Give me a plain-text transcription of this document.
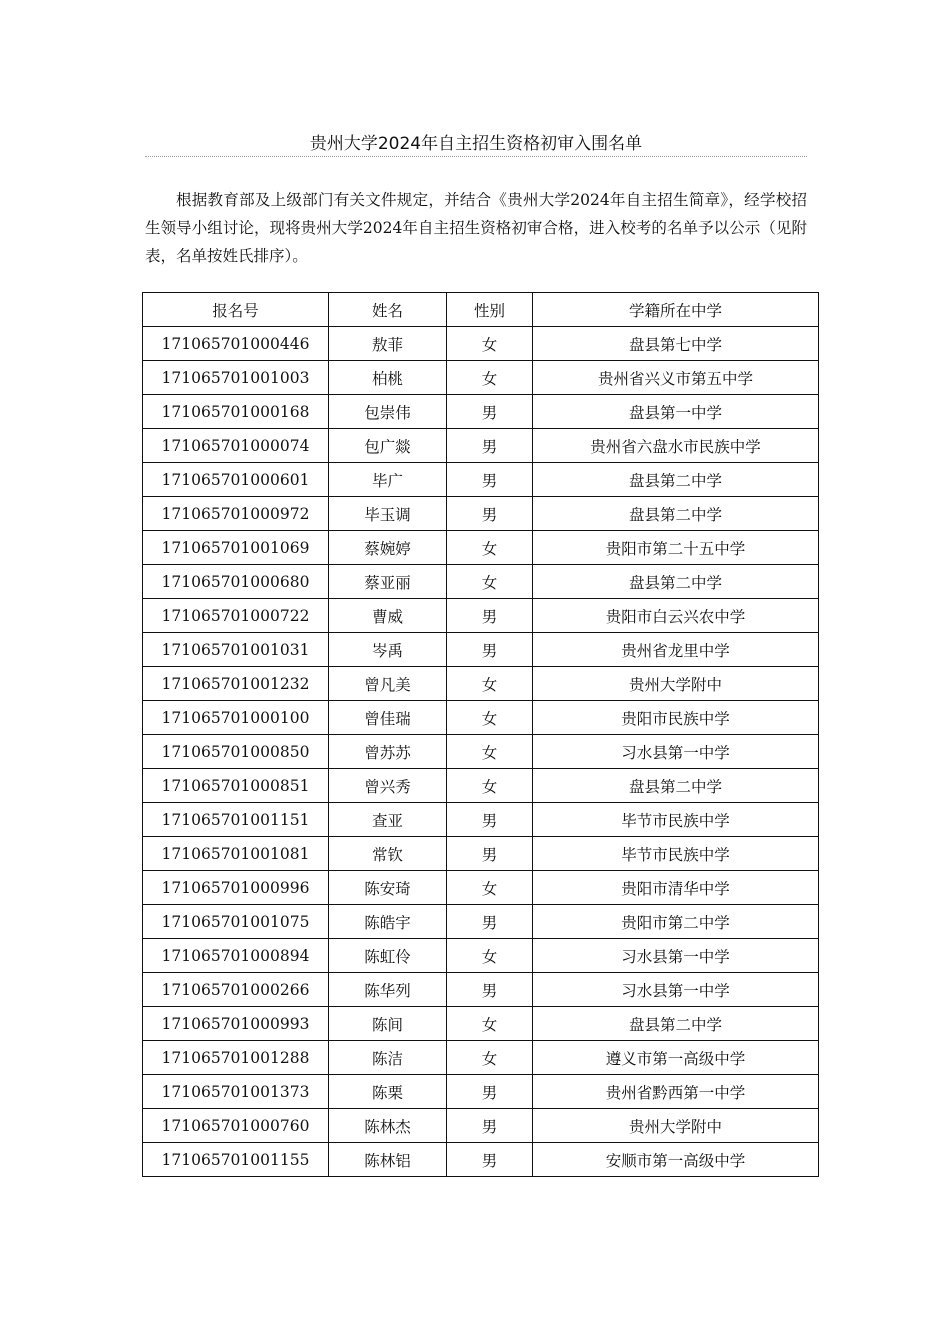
贵州大学2024年自主招生资格初审入围名单

根据教育部及上级部门有关文件规定，并结合《贵州大学2024年自主招生简章》，经学校招生领导小组讨论，现将贵州大学2024年自主招生资格初审合格，进入校考的名单予以公示（见附表，名单按姓氏排序）。

报名号	姓名	性别	学籍所在中学
171065701000446	敖菲	女	盘县第七中学
171065701001003	柏桃	女	贵州省兴义市第五中学
171065701000168	包崇伟	男	盘县第一中学
171065701000074	包广燚	男	贵州省六盘水市民族中学
171065701000601	毕广	男	盘县第二中学
171065701000972	毕玉调	男	盘县第二中学
171065701001069	蔡婉婷	女	贵阳市第二十五中学
171065701000680	蔡亚丽	女	盘县第二中学
171065701000722	曹威	男	贵阳市白云兴农中学
171065701001031	岑禹	男	贵州省龙里中学
171065701001232	曾凡美	女	贵州大学附中
171065701000100	曾佳瑞	女	贵阳市民族中学
171065701000850	曾苏苏	女	习水县第一中学
171065701000851	曾兴秀	女	盘县第二中学
171065701001151	查亚	男	毕节市民族中学
171065701001081	常钦	男	毕节市民族中学
171065701000996	陈安琦	女	贵阳市清华中学
171065701001075	陈皓宇	男	贵阳市第二中学
171065701000894	陈虹伶	女	习水县第一中学
171065701000266	陈华列	男	习水县第一中学
171065701000993	陈间	女	盘县第二中学
171065701001288	陈洁	女	遵义市第一高级中学
171065701001373	陈栗	男	贵州省黔西第一中学
171065701000760	陈林杰	男	贵州大学附中
171065701001155	陈林铝	男	安顺市第一高级中学
